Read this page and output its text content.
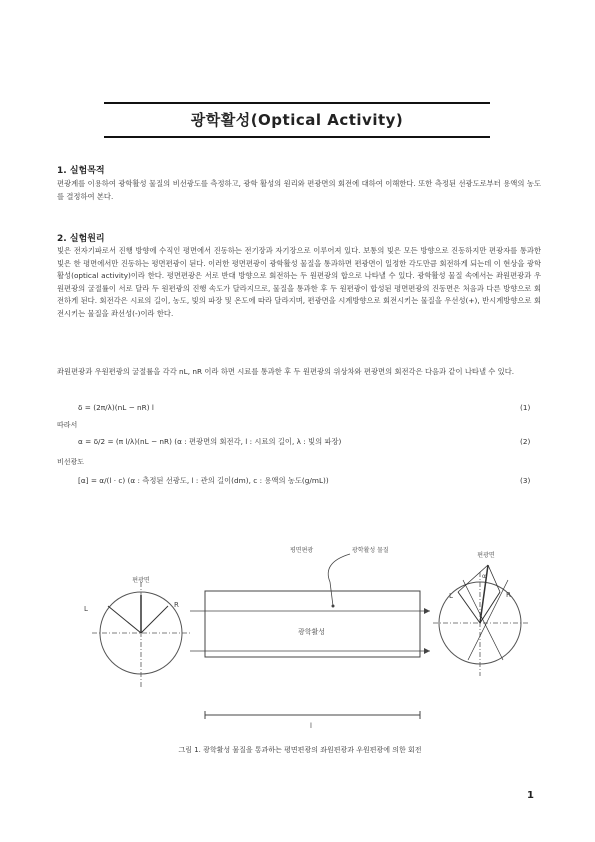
광학활성(Optical Activity)
1. 실험목적
편광계를 이용하여 광학활성 물질의 비선광도를 측정하고, 광학 활성의 원리와 편광면의 회전에 대하여 이해한다. 또한 측정된 선광도로부터 용액의 농도를 결정하여 본다.
2. 실험원리
빛은 전자기파로서 진행 방향에 수직인 평면에서 진동하는 전기장과 자기장으로 이루어져 있다. 보통의 빛은 모든 방향으로 진동하지만 편광자를 통과한 빛은 한 평면에서만 진동하는 평면편광이 된다. 이러한 평면편광이 광학활성 물질을 통과하면 편광면이 일정한 각도만큼 회전하게 되는데 이 현상을 광학활성(optical activity)이라 한다. 평면편광은 서로 반대 방향으로 회전하는 두 원편광의 합으로 나타낼 수 있다. 광학활성 물질 속에서는 좌원편광과 우원편광의 굴절률이 서로 달라 두 원편광의 진행 속도가 달라지므로, 물질을 통과한 후 두 원편광이 합성된 평면편광의 진동면은 처음과 다른 방향으로 회전하게 된다. 회전각은 시료의 길이, 농도, 빛의 파장 및 온도에 따라 달라지며, 편광면을 시계방향으로 회전시키는 물질을 우선성(+), 반시계방향으로 회전시키는 물질을 좌선성(-)이라 한다.
좌원편광과 우원편광의 굴절률을 각각 nL, nR 이라 하면 시료를 통과한 후 두 원편광의 위상차와 편광면의 회전각은 다음과 같이 나타낼 수 있다.
δ = (2π/λ)(nL − nR) l	(1)
따라서
α = δ/2 = (π l/λ)(nL − nR) (α : 편광면의 회전각, l : 시료의 길이, λ : 빛의 파장)	(2)
비선광도
[α] = α/(l · c) (α : 측정된 선광도, l : 관의 길이(dm), c : 용액의 농도(g/mL))	(3)
편광면
L	R
광학활성
평면편광	광학활성 물질
l
편광면
L	R
α
그림 1. 광학활성 물질을 통과하는 평면편광의 좌원편광과 우원편광에 의한 회전
1
